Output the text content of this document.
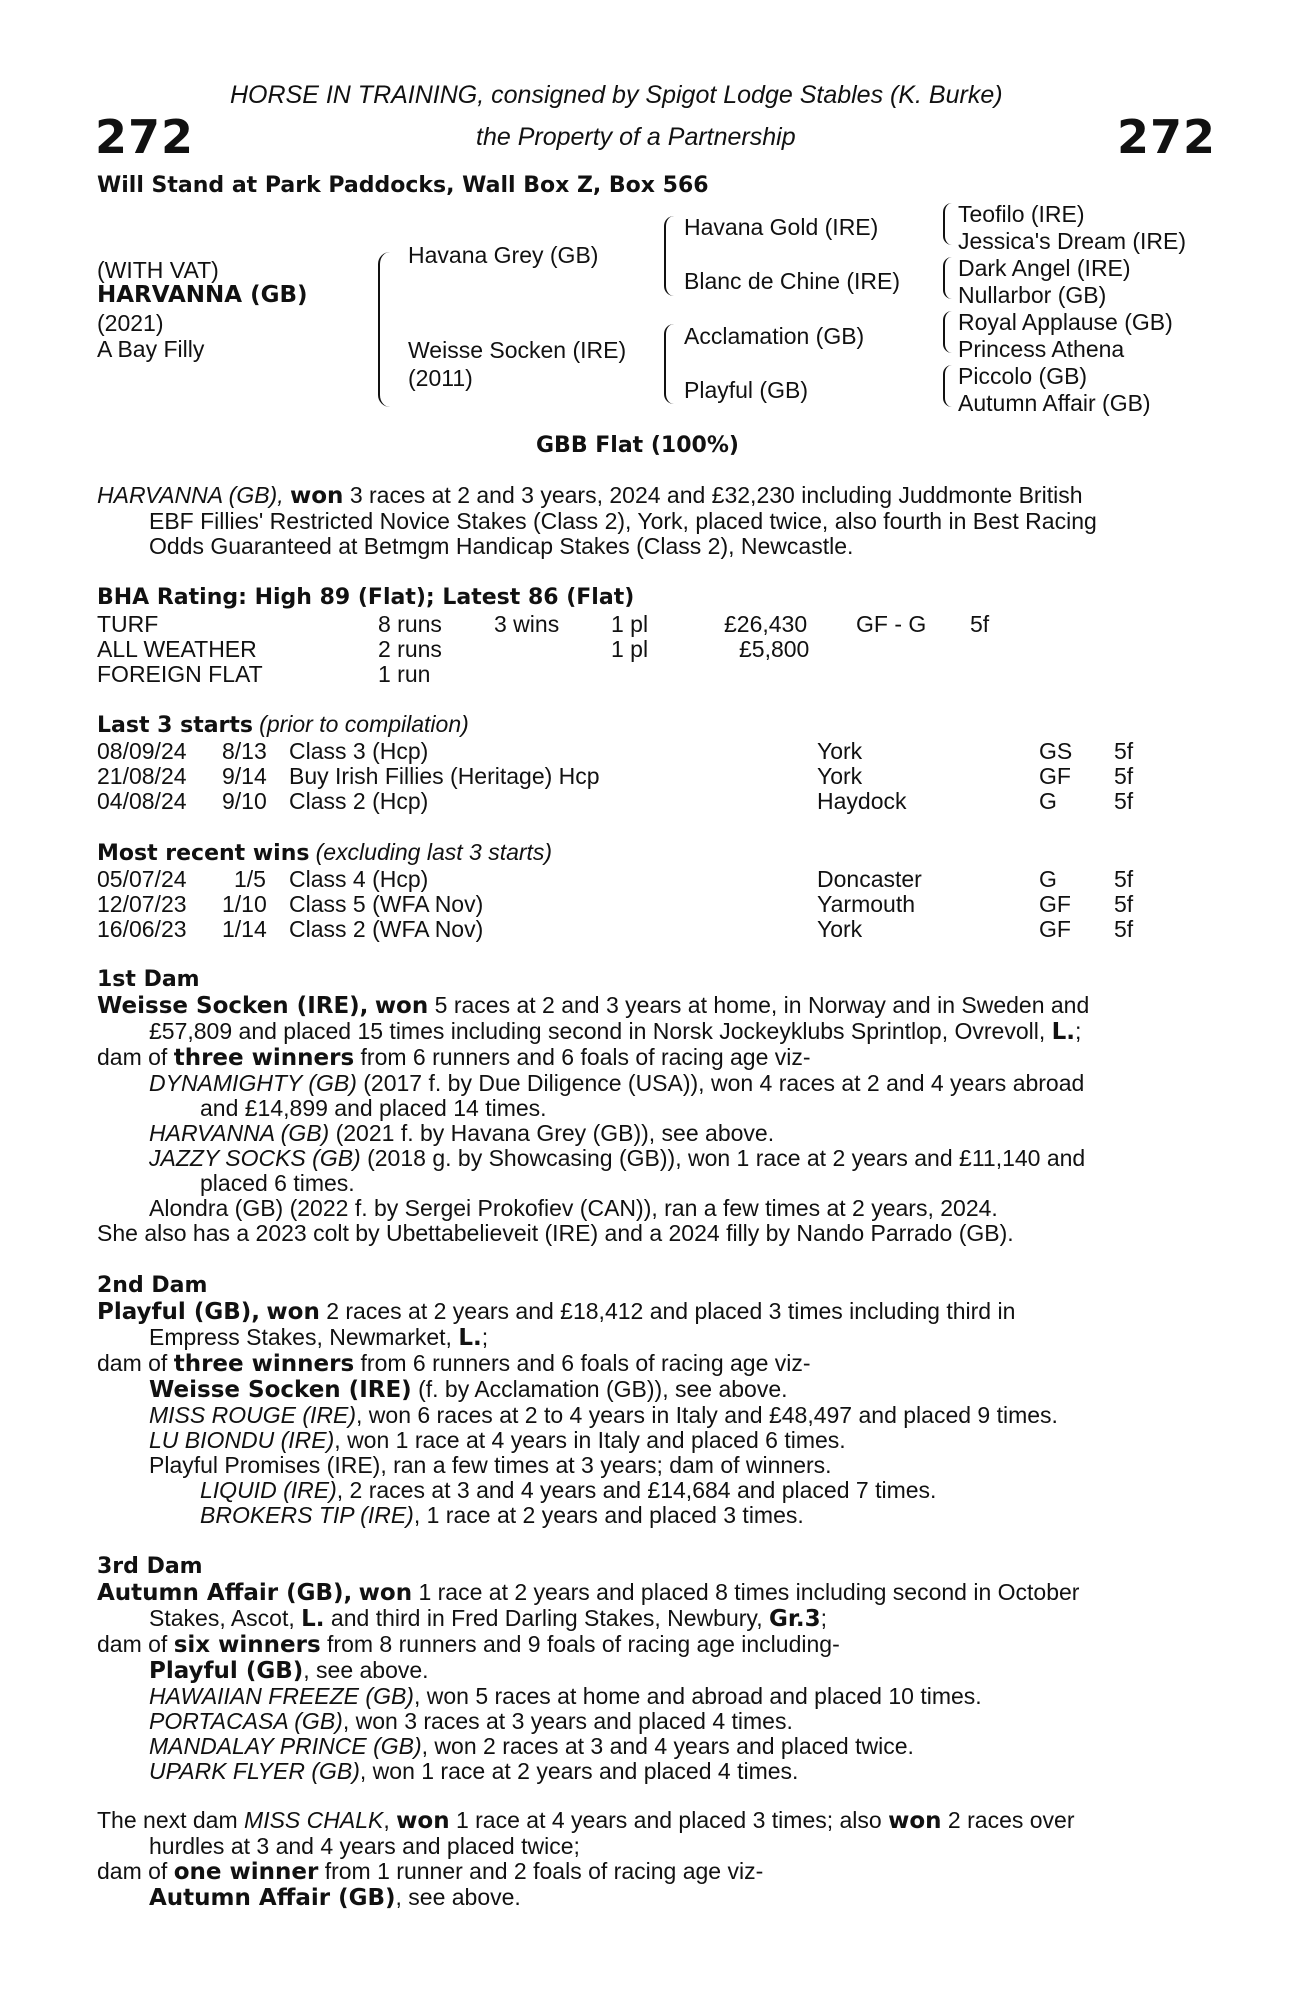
272	272
HORSE IN TRAINING, consigned by Spigot Lodge Stables (K. Burke)
the Property of a Partnership
Will Stand at Park Paddocks, Wall Box Z, Box 566
(WITH VAT)
HARVANNA (GB)
(2021)
A Bay Filly
Havana Grey (GB)
Weisse Socken (IRE)
(2011)
Havana Gold (IRE)
Blanc de Chine (IRE)
Acclamation (GB)
Playful (GB)
Teofilo (IRE)
Jessica's Dream (IRE)
Dark Angel (IRE)
Nullarbor (GB)
Royal Applause (GB)
Princess Athena
Piccolo (GB)
Autumn Affair (GB)
GBB Flat (100%)
HARVANNA (GB), won 3 races at 2 and 3 years, 2024 and £32,230 including Juddmonte British
EBF Fillies' Restricted Novice Stakes (Class 2), York, placed twice, also fourth in Best Racing
Odds Guaranteed at Betmgm Handicap Stakes (Class 2), Newcastle.
BHA Rating: High 89 (Flat); Latest 86 (Flat)
TURF	8 runs 3 wins 1 pl	£26,430 GF - G 5f
ALL WEATHER	2 runs	1 pl	£5,800
FOREIGN FLAT	1 run
Last 3 starts (prior to compilation)
08/09/24 8/13 Class 3 (Hcp)	York	GS 5f
21/08/24 9/14 Buy Irish Fillies (Heritage) Hcp	York	GF 5f
04/08/24 9/10 Class 2 (Hcp)	Haydock	G 5f
Most recent wins (excluding last 3 starts)
05/07/24 1/5 Class 4 (Hcp)	Doncaster	G 5f
12/07/23 1/10 Class 5 (WFA Nov)	Yarmouth	GF 5f
16/06/23 1/14 Class 2 (WFA Nov)	York	GF 5f
1st Dam
Weisse Socken (IRE), won 5 races at 2 and 3 years at home, in Norway and in Sweden and
£57,809 and placed 15 times including second in Norsk Jockeyklubs Sprintlop, Ovrevoll, L.;
dam of three winners from 6 runners and 6 foals of racing age viz-
DYNAMIGHTY (GB) (2017 f. by Due Diligence (USA)), won 4 races at 2 and 4 years abroad
and £14,899 and placed 14 times.
HARVANNA (GB) (2021 f. by Havana Grey (GB)), see above.
JAZZY SOCKS (GB) (2018 g. by Showcasing (GB)), won 1 race at 2 years and £11,140 and
placed 6 times.
Alondra (GB) (2022 f. by Sergei Prokofiev (CAN)), ran a few times at 2 years, 2024.
She also has a 2023 colt by Ubettabelieveit (IRE) and a 2024 filly by Nando Parrado (GB).
2nd Dam
Playful (GB), won 2 races at 2 years and £18,412 and placed 3 times including third in
Empress Stakes, Newmarket, L.;
dam of three winners from 6 runners and 6 foals of racing age viz-
Weisse Socken (IRE) (f. by Acclamation (GB)), see above.
MISS ROUGE (IRE), won 6 races at 2 to 4 years in Italy and £48,497 and placed 9 times.
LU BIONDU (IRE), won 1 race at 4 years in Italy and placed 6 times.
Playful Promises (IRE), ran a few times at 3 years; dam of winners.
LIQUID (IRE), 2 races at 3 and 4 years and £14,684 and placed 7 times.
BROKERS TIP (IRE), 1 race at 2 years and placed 3 times.
3rd Dam
Autumn Affair (GB), won 1 race at 2 years and placed 8 times including second in October
Stakes, Ascot, L. and third in Fred Darling Stakes, Newbury, Gr.3;
dam of six winners from 8 runners and 9 foals of racing age including-
Playful (GB), see above.
HAWAIIAN FREEZE (GB), won 5 races at home and abroad and placed 10 times.
PORTACASA (GB), won 3 races at 3 years and placed 4 times.
MANDALAY PRINCE (GB), won 2 races at 3 and 4 years and placed twice.
UPARK FLYER (GB), won 1 race at 2 years and placed 4 times.
The next dam MISS CHALK, won 1 race at 4 years and placed 3 times; also won 2 races over
hurdles at 3 and 4 years and placed twice;
dam of one winner from 1 runner and 2 foals of racing age viz-
Autumn Affair (GB), see above.
